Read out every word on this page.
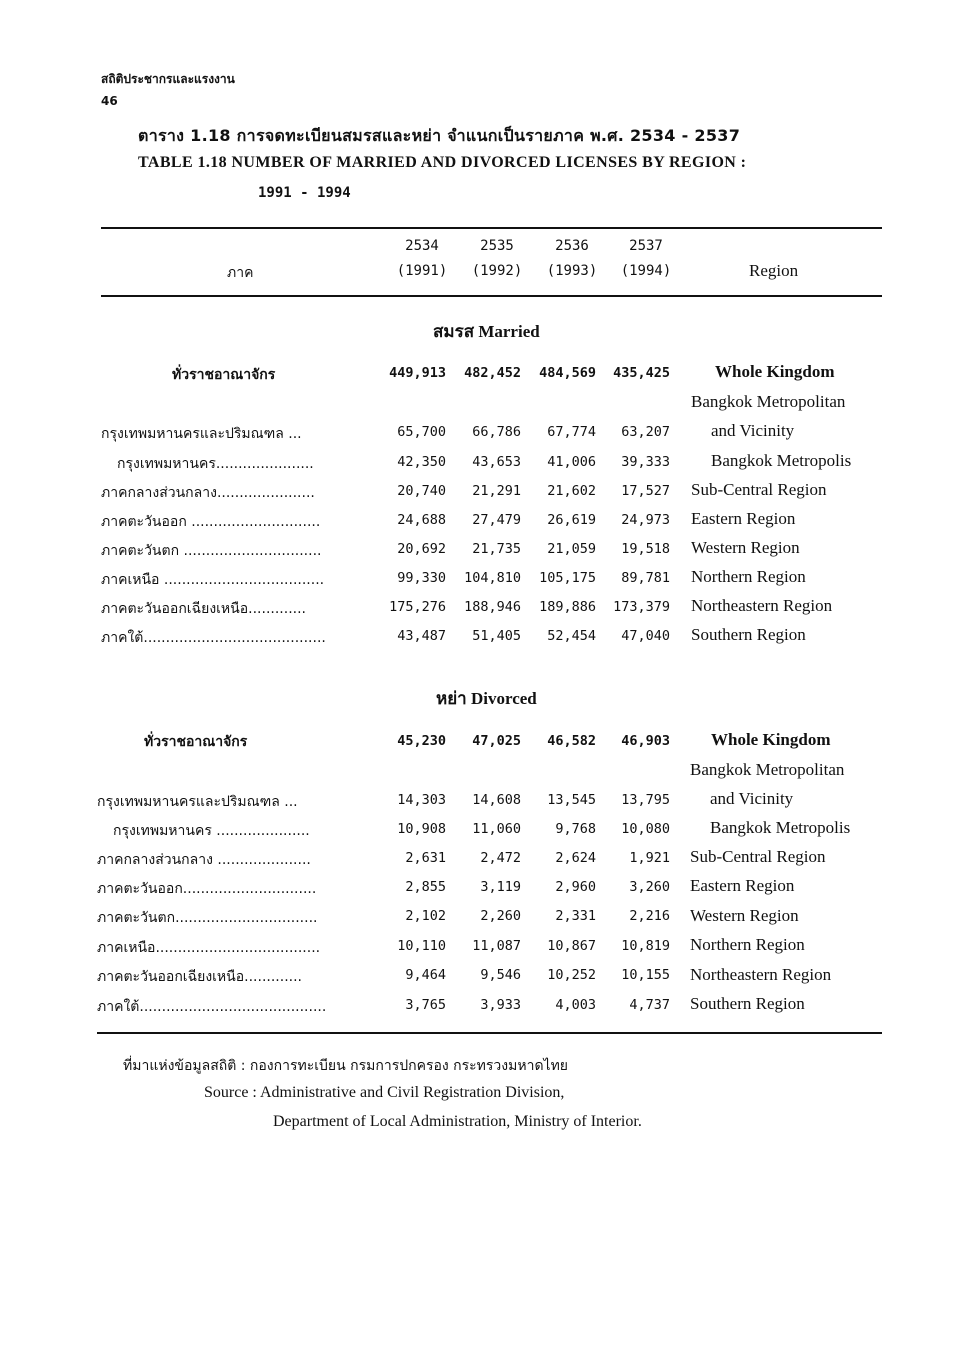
สถิติประชากรและแรงงาน
46
ตาราง 1.18 การจดทะเบียนสมรสและหย่า จำแนกเป็นรายภาค พ.ศ. 2534 - 2537
TABLE 1.18 NUMBER OF MARRIED AND DIVORCED LICENSES BY REGION :
1991 - 1994
ภาค
2534	2535	2536	2537
(1991)	(1992)	(1993)	(1994)	Region
สมรส Married
ทั่วราชอาณาจักร	449,913	482,452	484,569	435,425	Whole Kingdom
Bangkok Metropolitan
กรุงเทพมหานครและปริมณฑล ...	65,700	66,786	67,774	63,207 and Vicinity
กรุงเทพมหานคร......................	42,350	43,653	41,006	39,333 Bangkok Metropolis
ภาคกลางส่วนกลาง......................	20,740	21,291	21,602	17,527 Sub-Central Region
ภาคตะวันออก .............................	24,688	27,479	26,619	24,973 Eastern Region
ภาคตะวันตก ...............................	20,692	21,735	21,059	19,518 Western Region
ภาคเหนือ ....................................	99,330	104,810	105,175	89,781 Northern Region
ภาคตะวันออกเฉียงเหนือ.............	175,276	188,946	189,886	173,379 Northeastern Region
ภาคใต้.........................................	43,487	51,405	52,454	47,040 Southern Region
หย่า Divorced
ทั่วราชอาณาจักร	45,230	47,025	46,582	46,903 Whole Kingdom
Bangkok Metropolitan
กรุงเทพมหานครและปริมณฑล ...	14,303	14,608	13,545	13,795 and Vicinity
กรุงเทพมหานคร .....................	10,908	11,060	9,768	10,080 Bangkok Metropolis
ภาคกลางส่วนกลาง .....................	2,631	2,472	2,624	1,921 Sub-Central Region
ภาคตะวันออก..............................	2,855	3,119	2,960	3,260 Eastern Region
ภาคตะวันตก................................	2,102	2,260	2,331	2,216 Western Region
ภาคเหนือ.....................................	10,110	11,087	10,867	10,819 Northern Region
ภาคตะวันออกเฉียงเหนือ.............	9,464	9,546	10,252	10,155 Northeastern Region
ภาคใต้..........................................	3,765	3,933	4,003	4,737 Southern Region
ที่มาแห่งข้อมูลสถิติ : กองการทะเบียน กรมการปกครอง กระทรวงมหาดไทย
Source : Administrative and Civil Registration Division,
Department of Local Administration, Ministry of Interior.
